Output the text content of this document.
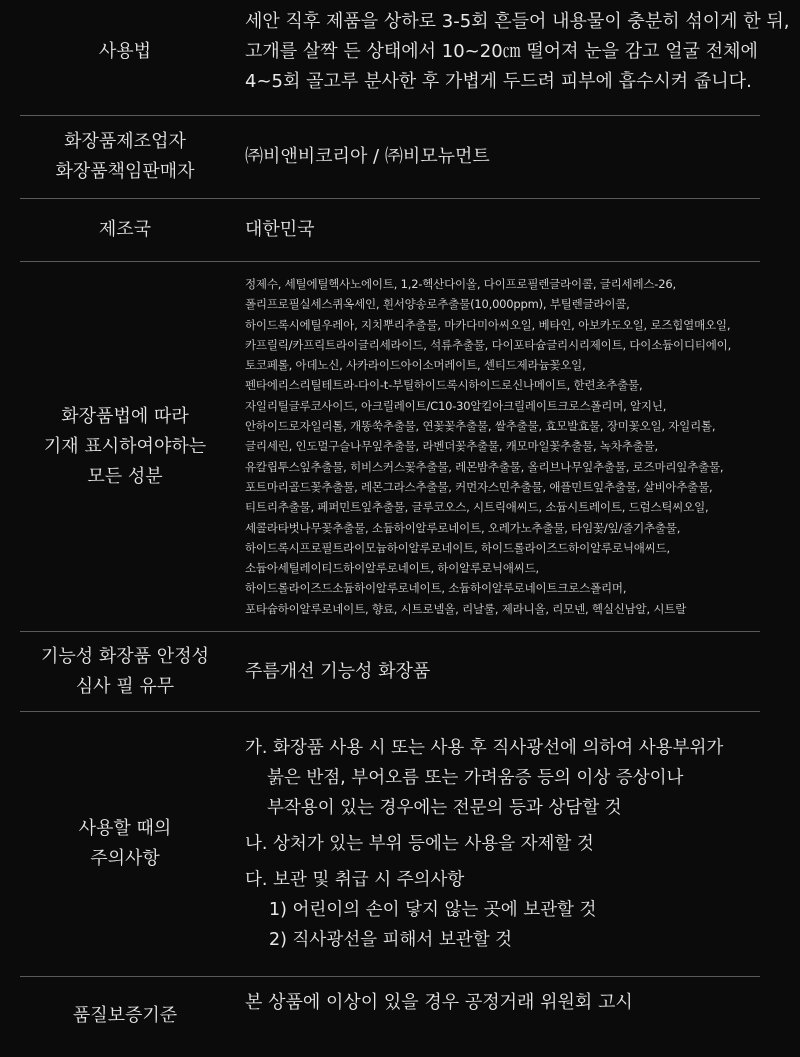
사용법

세안 직후 제품을 상하로 3-5회 흔들어 내용물이 충분히 섞이게 한 뒤,

고개를 살짝 든 상태에서 10~20㎝ 떨어져 눈을 감고 얼굴 전체에

4~5회 골고루 분사한 후 가볍게 두드려 피부에 흡수시켜 줍니다.

화장품제조업자
화장품책임판매자

㈜비앤비코리아 / ㈜비모뉴먼트

제조국	대한민국

화장품법에 따라
기재 표시하여야하는
모든 성분

정제수, 세틸에틸헥사노에이트, 1,2-헥산다이올, 다이프로필렌글라이콜, 글리세레스-26,

폴리프로필실세스퀴옥세인, 흰서양송로추출물(10,000ppm), 부틸렌글라이콜,

하이드록시에틸우레아, 지치뿌리추출물, 마카다미아씨오일, 베타인, 아보카도오일, 로즈힙열매오일,

카프릴릭/카프릭트라이글리세라이드, 석류추출물, 다이포타슘글리시리제이트, 다이소듐이디티에이,

토코페롤, 아데노신, 사카라이드아이소머레이트, 센티드제라늄꽃오일,

펜타에리스리틸테트라-다이-t-부틸하이드록시하이드로신나메이트, 한련초추출물,

자일리틸글루코사이드, 아크릴레이트/C10-30알킬아크릴레이트크로스폴리머, 알지닌,

안하이드로자일리톨, 개똥쑥추출물, 연꽃꽃추출물, 쌀추출물, 효모발효물, 장미꽃오일, 자일리톨,

글리세린, 인도멀구슬나무잎추출물, 라벤더꽃추출물, 캐모마일꽃추출물, 녹차추출물,

유칼립투스잎추출물, 히비스커스꽃추출물, 레몬밤추출물, 올리브나무잎추출물, 로즈마리잎추출물,

포트마리골드꽃추출물, 레몬그라스추출물, 커먼자스민추출물, 애플민트잎추출물, 살비아추출물,

티트리추출물, 페퍼민트잎추출물, 글루코오스, 시트릭애씨드, 소듐시트레이트, 드럼스틱씨오일,

세콜라타벗나무꽃추출물, 소듐하이알루로네이트, 오레가노추출물, 타임꽃/잎/줄기추출물,

하이드록시프로필트라이모늄하이알루로네이트, 하이드롤라이즈드하이알루로닉애씨드,

소듐아세틸레이티드하이알루로네이트, 하이알루로닉애씨드,

하이드롤라이즈드소듐하이알루로네이트, 소듐하이알루로네이트크로스폴리머,

포타슘하이알루로네이트, 향료, 시트로넬올, 리날룰, 제라니올, 리모넨, 헥실신남알, 시트랄

기능성 화장품 안정성
심사 필 유무

주름개선 기능성 화장품

사용할 때의
주의사항

가. 화장품 사용 시 또는 사용 후 직사광선에 의하여 사용부위가

붉은 반점, 부어오름 또는 가려움증 등의 이상 증상이나

부작용이 있는 경우에는 전문의 등과 상담할 것

나. 상처가 있는 부위 등에는 사용을 자제할 것

다. 보관 및 취급 시 주의사항

1) 어린이의 손이 닿지 않는 곳에 보관할 것

2) 직사광선을 피해서 보관할 것

품질보증기준

본 상품에 이상이 있을 경우 공정거래 위원회 고시
